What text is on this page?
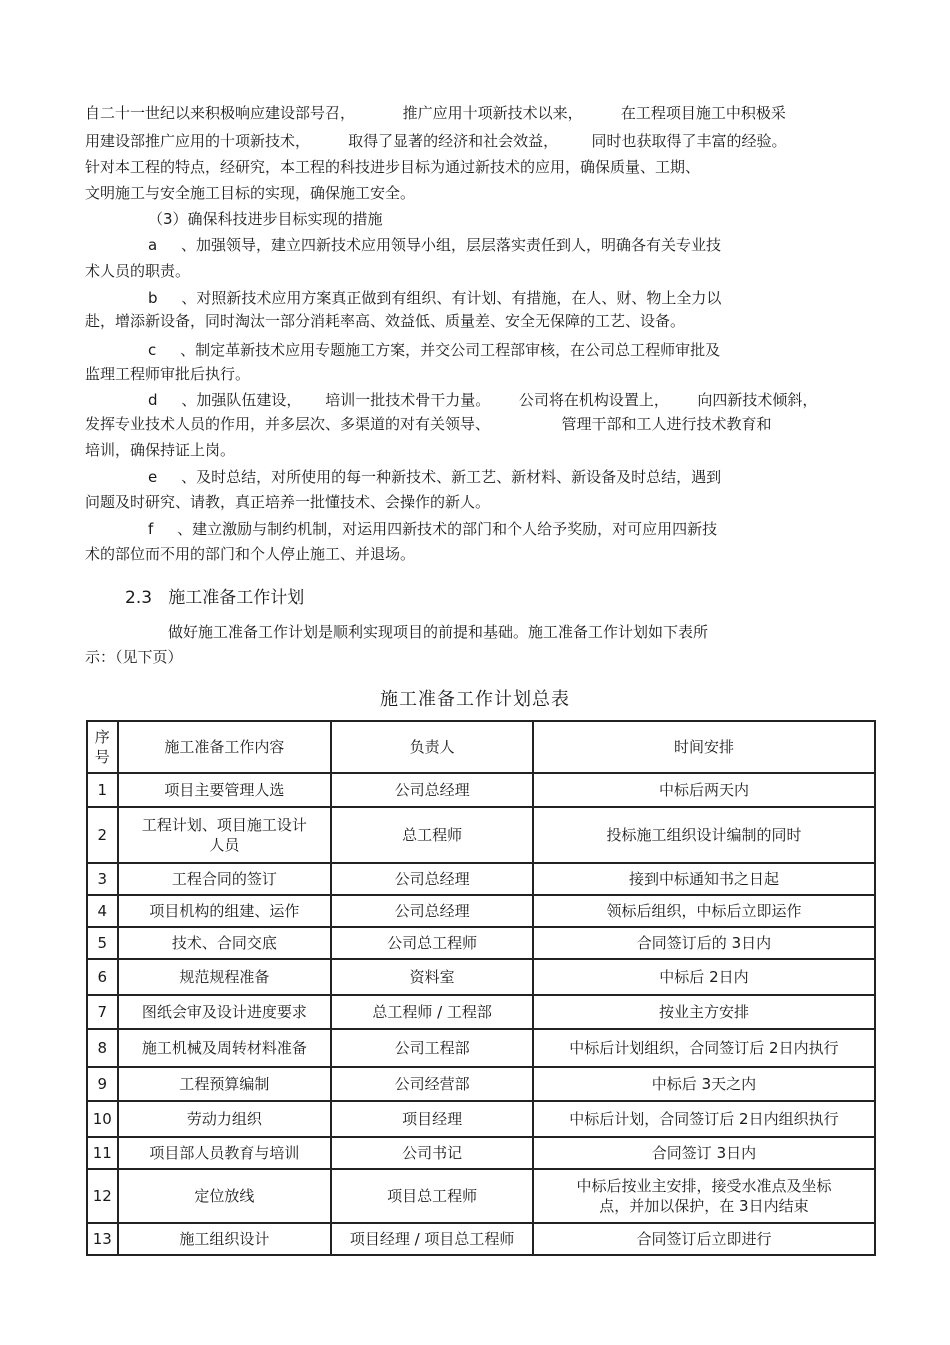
自二十一世纪以来积极响应建设部号召，          推广应用十项新技术以来，        在工程项目施工中积极采
用建设部推广应用的十项新技术，        取得了显著的经济和社会效益，       同时也获取得了丰富的经验。
针对本工程的特点，经研究，本工程的科技进步目标为通过新技术的应用，确保质量、工期、
文明施工与安全施工目标的实现，确保施工安全。
（3）确保科技进步目标实现的措施
a     、加强领导，建立四新技术应用领导小组，层层落实责任到人，明确各有关专业技
术人员的职责。
b     、对照新技术应用方案真正做到有组织、有计划、有措施，在人、财、物上全力以
赴，增添新设备，同时淘汰一部分消耗率高、效益低、质量差、安全无保障的工艺、设备。
c     、制定革新技术应用专题施工方案，并交公司工程部审核，在公司总工程师审批及
监理工程师审批后执行。
d     、加强队伍建设，     培训一批技术骨干力量。      公司将在机构设置上，      向四新技术倾斜，
发挥专业技术人员的作用，并多层次、多渠道的对有关领导、               管理干部和工人进行技术教育和
培训，确保持证上岗。
e     、及时总结，对所使用的每一种新技术、新工艺、新材料、新设备及时总结，遇到
问题及时研究、请教，真正培养一批懂技术、会操作的新人。
f     、建立激励与制约机制，对运用四新技术的部门和个人给予奖励，对可应用四新技
术的部位而不用的部门和个人停止施工、并退场。
2.3   施工准备工作计划
做好施工准备工作计划是顺利实现项目的前提和基础。施工准备工作计划如下表所
示：（见下页）
施工准备工作计划总表
序
号	施工准备工作内容	负责人	时间安排
1	项目主要管理人选	公司总经理	中标后两天内
2	工程计划、项目施工设计
人员	总工程师	投标施工组织设计编制的同时
3	工程合同的签订	公司总经理	接到中标通知书之日起
4	项目机构的组建、运作	公司总经理	领标后组织，中标后立即运作
5	技术、合同交底	公司总工程师	合同签订后的 3日内
6	规范规程准备	资料室	中标后 2日内
7	图纸会审及设计进度要求	总工程师 / 工程部	按业主方安排
8	施工机械及周转材料准备	公司工程部	中标后计划组织，合同签订后 2日内执行
9	工程预算编制	公司经营部	中标后 3天之内
10	劳动力组织	项目经理	中标后计划，合同签订后 2日内组织执行
11	项目部人员教育与培训	公司书记	合同签订 3日内
12	定位放线	项目总工程师	中标后按业主安排，接受水准点及坐标
点，并加以保护，在 3日内结束
13	施工组织设计	项目经理 / 项目总工程师	合同签订后立即进行
